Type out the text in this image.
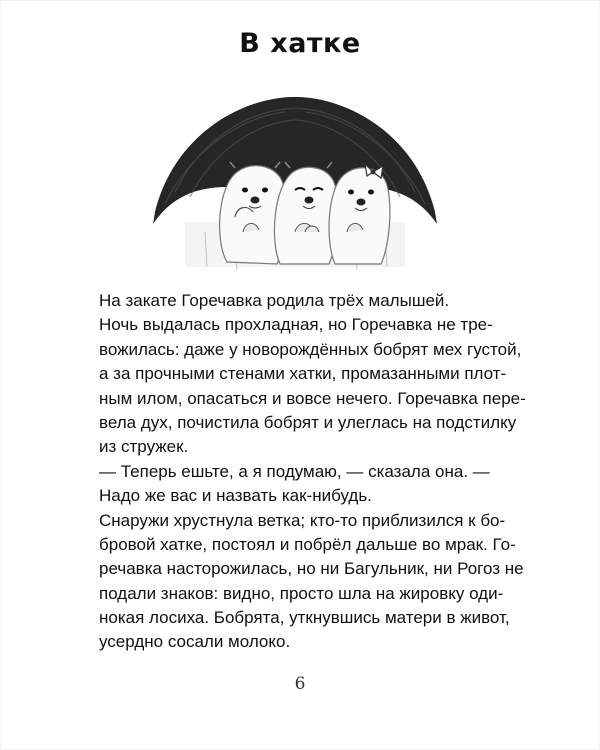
В хатке
На закате Горечавка родила трёх малышей.
Ночь выдалась прохладная, но Горечавка не тре-
вожилась: даже у новорождённых бобрят мех густой,
а за прочными стенами хатки, промазанными плот-
ным илом, опасаться и вовсе нечего. Горечавка пере-
вела дух, почистила бобрят и улеглась на подстилку
из стружек.
— Теперь ешьте, а я подумаю, — сказала она. —
Надо же вас и назвать как-нибудь.
Снаружи хрустнула ветка; кто-то приблизился к бо-
бровой хатке, постоял и побрёл дальше во мрак. Го-
речавка насторожилась, но ни Багульник, ни Рогоз не
подали знаков: видно, просто шла на жировку оди-
нокая лосиха. Бобрята, уткнувшись матери в живот,
усердно сосали молоко.
6
